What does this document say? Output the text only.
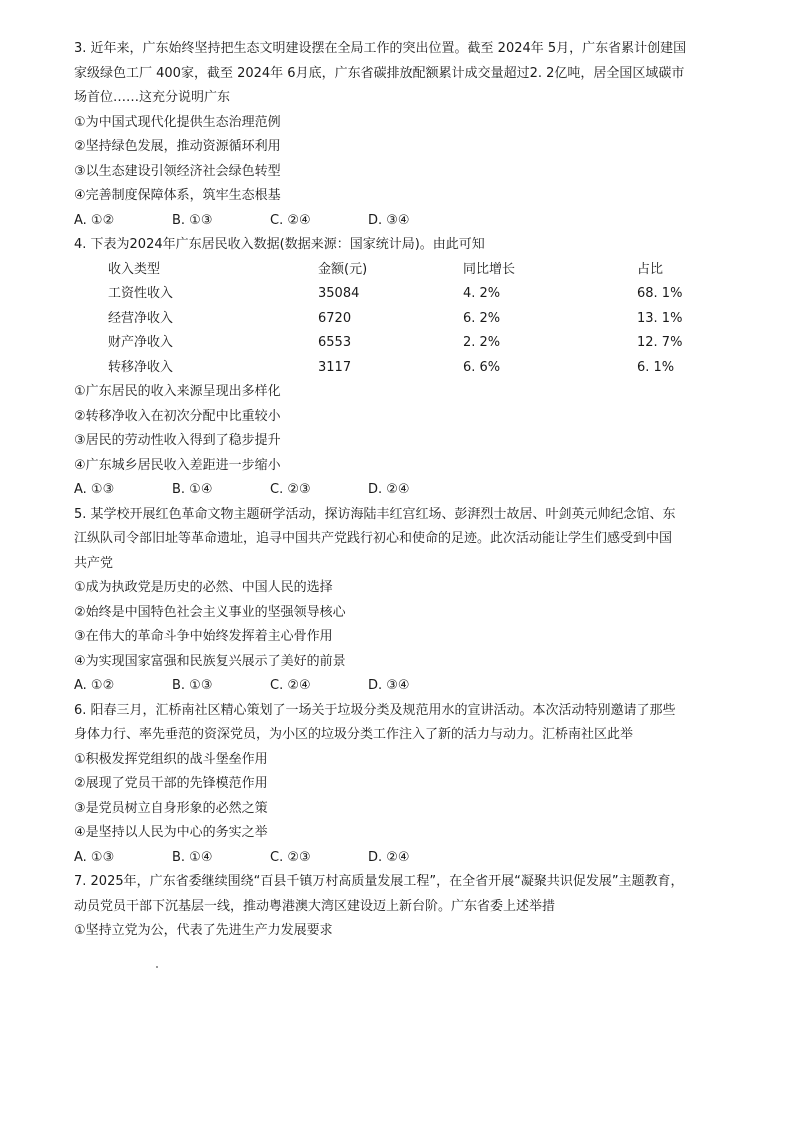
3. 近年来，广东始终坚持把生态文明建设摆在全局工作的突出位置。截至 2024年 5月，广东省累计创建国
家级绿色工厂 400家，截至 2024年 6月底，广东省碳排放配额累计成交量超过2. 2亿吨，居全国区域碳市
场首位……这充分说明广东
①为中国式现代化提供生态治理范例
②坚持绿色发展，推动资源循环利用
③以生态建设引领经济社会绿色转型
④完善制度保障体系，筑牢生态根基
A. ①②	B. ①③	C. ②④	D. ③④
4. 下表为2024年广东居民收入数据(数据来源：国家统计局)。由此可知
收入类型	金额(元)	同比增长	占比
工资性收入	35084	4. 2%	68. 1%
经营净收入	6720	6. 2%	13. 1%
财产净收入	6553	2. 2%	12. 7%
转移净收入	3117	6. 6%	6. 1%
①广东居民的收入来源呈现出多样化
②转移净收入在初次分配中比重较小
③居民的劳动性收入得到了稳步提升
④广东城乡居民收入差距进一步缩小
A. ①③	B. ①④	C. ②③	D. ②④
5. 某学校开展红色革命文物主题研学活动，探访海陆丰红宫红场、彭湃烈士故居、叶剑英元帅纪念馆、东
江纵队司令部旧址等革命遗址，追寻中国共产党践行初心和使命的足迹。此次活动能让学生们感受到中国
共产党
①成为执政党是历史的必然、中国人民的选择
②始终是中国特色社会主义事业的坚强领导核心
③在伟大的革命斗争中始终发挥着主心骨作用
④为实现国家富强和民族复兴展示了美好的前景
A. ①②	B. ①③	C. ②④	D. ③④
6. 阳春三月，汇桥南社区精心策划了一场关于垃圾分类及规范用水的宣讲活动。本次活动特别邀请了那些
身体力行、率先垂范的资深党员，为小区的垃圾分类工作注入了新的活力与动力。汇桥南社区此举
①积极发挥党组织的战斗堡垒作用
②展现了党员干部的先锋模范作用
③是党员树立自身形象的必然之策
④是坚持以人民为中心的务实之举
A. ①③	B. ①④	C. ②③	D. ②④
7. 2025年，广东省委继续围绕“百县千镇万村高质量发展工程”，在全省开展“凝聚共识促发展”主题教育，
动员党员干部下沉基层一线，推动粤港澳大湾区建设迈上新台阶。广东省委上述举措
①坚持立党为公，代表了先进生产力发展要求
